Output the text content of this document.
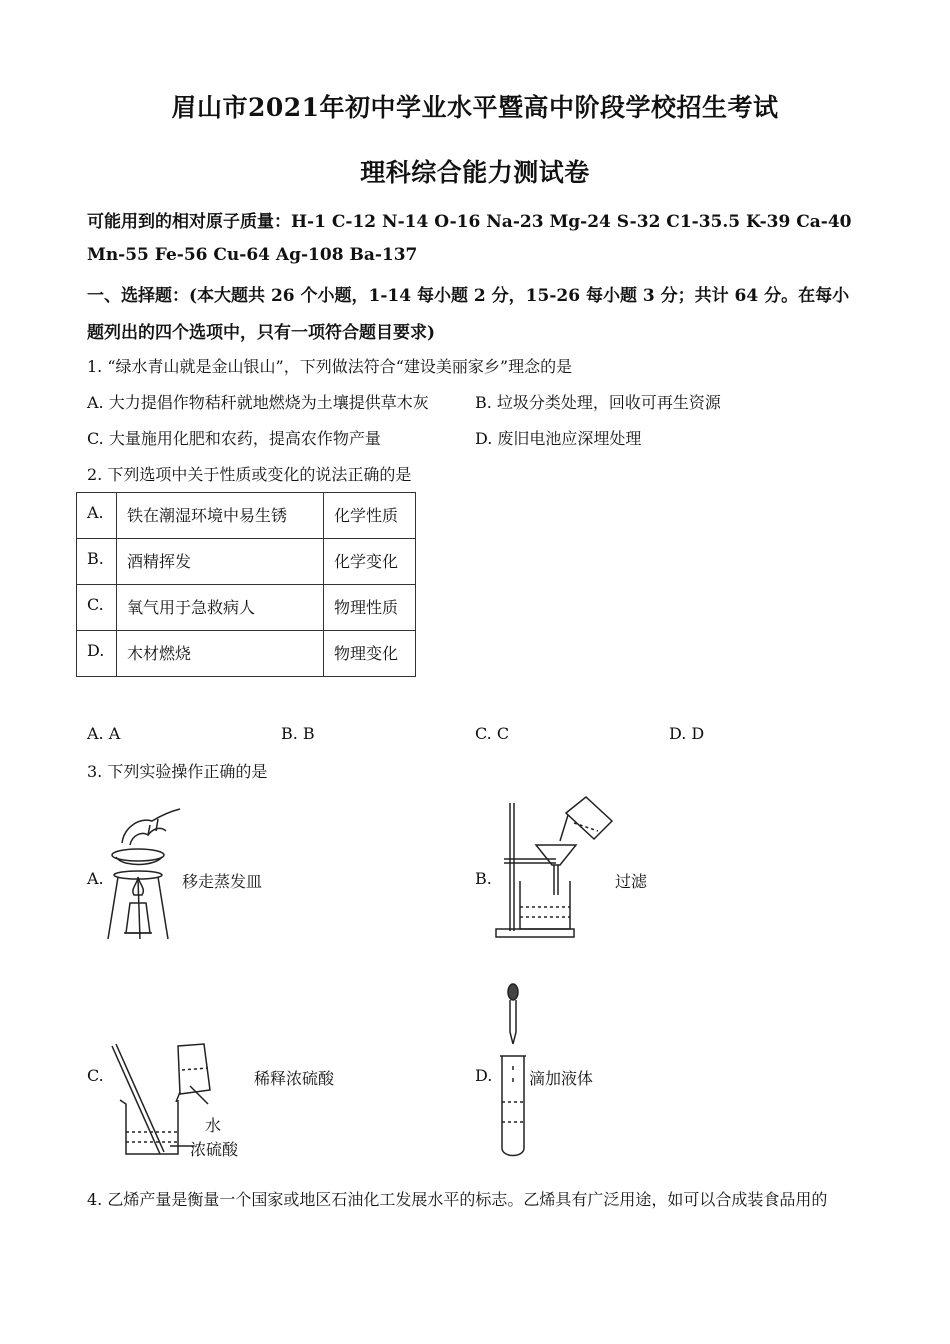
眉山市2021年初中学业水平暨高中阶段学校招生考试
理科综合能力测试卷
可能用到的相对原子质量：H-1 C-12 N-14 O-16 Na-23 Mg-24 S-32 C1-35.5 K-39 Ca-40
Mn-55 Fe-56 Cu-64 Ag-108 Ba-137
一、选择题：(本大题共 26 个小题，1-14 每小题 2 分，15-26 每小题 3 分；共计 64 分。在每小
题列出的四个选项中，只有一项符合题目要求)
1. “绿水青山就是金山银山”，下列做法符合“建设美丽家乡”理念的是
A. 大力提倡作物秸秆就地燃烧为土壤提供草木灰	B. 垃圾分类处理，回收可再生资源
C. 大量施用化肥和农药，提高农作物产量	D. 废旧电池应深埋处理
2. 下列选项中关于性质或变化的说法正确的是
A.	铁在潮湿环境中易生锈	化学性质
B.	酒精挥发	化学变化
C.	氧气用于急救病人	物理性质
D.	木材燃烧	物理变化
A. A	B. B	C. C	D. D
3. 下列实验操作正确的是
A.	移走蒸发皿	B.	过滤
C.
水
浓硫酸
稀释浓硫酸	D. 滴加液体
4. 乙烯产量是衡量一个国家或地区石油化工发展水平的标志。乙烯具有广泛用途，如可以合成装食品用的
